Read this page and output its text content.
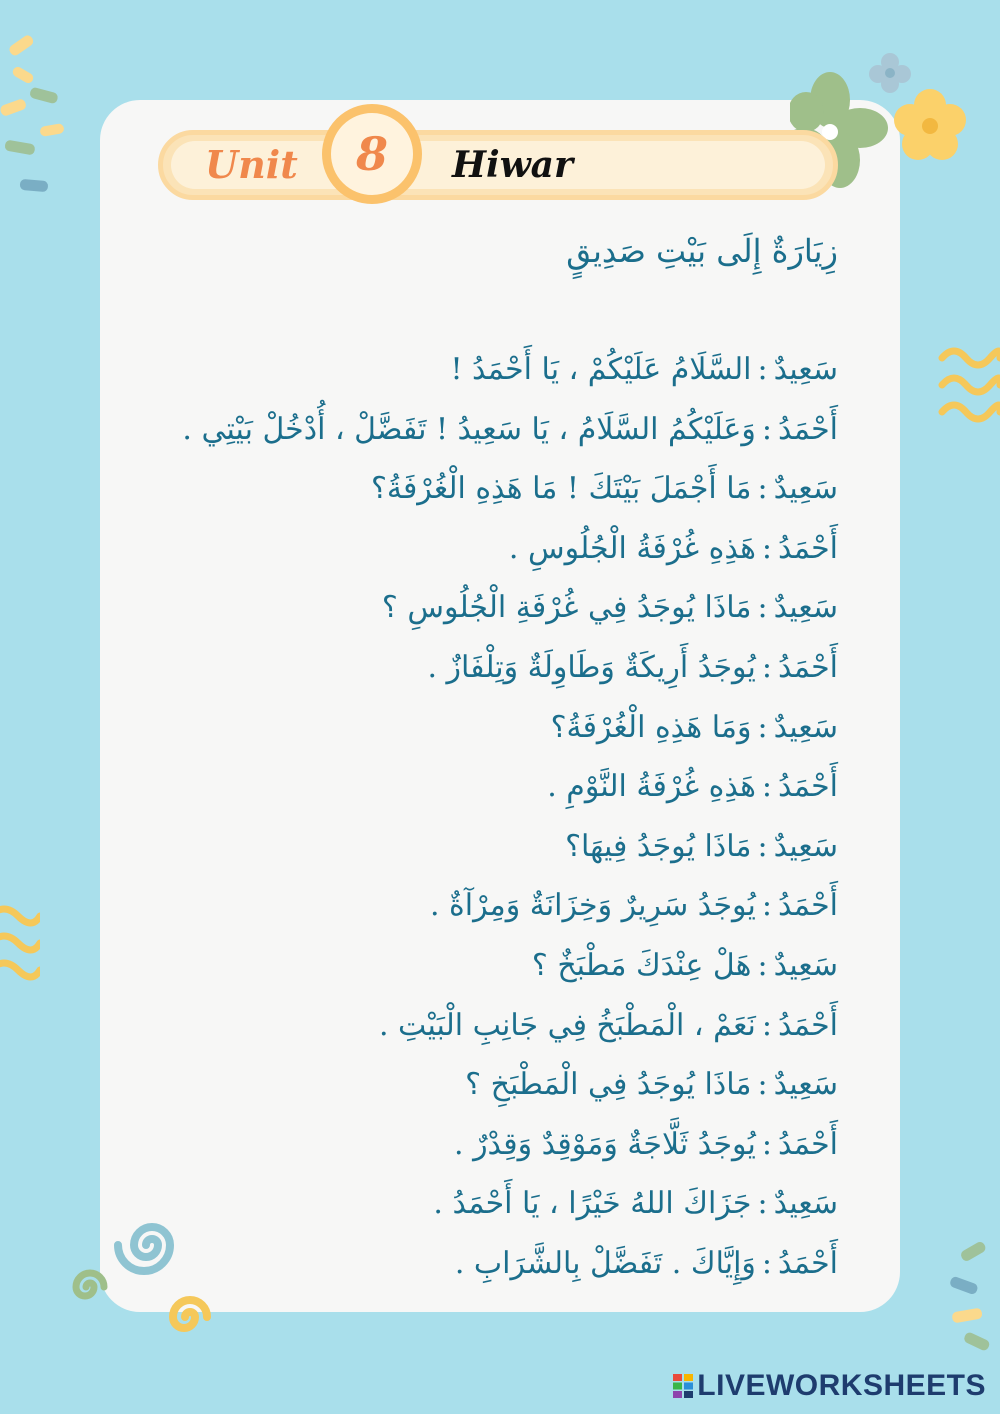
Unit	8	Hiwar
زِيَارَةٌ إِلَى بَيْتِ صَدِيقٍ
سَعِيدٌ:السَّلَامُ عَلَيْكُمْ ، يَا أَحْمَدُ !
أَحْمَدُ:وَعَلَيْكُمُ السَّلَامُ ، يَا سَعِيدُ ! تَفَضَّلْ ، أُدْخُلْ بَيْتِي .
سَعِيدٌ:مَا أَجْمَلَ بَيْتَكَ ! مَا هَذِهِ الْغُرْفَةُ؟
أَحْمَدُ:هَذِهِ غُرْفَةُ الْجُلُوسِ .
سَعِيدٌ:مَاذَا يُوجَدُ فِي غُرْفَةِ الْجُلُوسِ ؟
أَحْمَدُ:يُوجَدُ أَرِيكَةٌ وَطَاوِلَةٌ وَتِلْفَازٌ .
سَعِيدٌ:وَمَا هَذِهِ الْغُرْفَةُ؟
أَحْمَدُ:هَذِهِ غُرْفَةُ النَّوْمِ .
سَعِيدٌ:مَاذَا يُوجَدُ فِيهَا؟
أَحْمَدُ:يُوجَدُ سَرِيرٌ وَخِزَانَةٌ وَمِرْآةٌ .
سَعِيدٌ:هَلْ عِنْدَكَ مَطْبَخٌ ؟
أَحْمَدُ:نَعَمْ ، الْمَطْبَخُ فِي جَانِبِ الْبَيْتِ .
سَعِيدٌ:مَاذَا يُوجَدُ فِي الْمَطْبَخِ ؟
أَحْمَدُ:يُوجَدُ ثَلَّاجَةٌ وَمَوْقِدٌ وَقِدْرٌ .
سَعِيدٌ:جَزَاكَ اللهُ خَيْرًا ، يَا أَحْمَدُ .
أَحْمَدُ:وَإِيَّاكَ . تَفَضَّلْ بِالشَّرَابِ .
LIVEWORKSHEETS
